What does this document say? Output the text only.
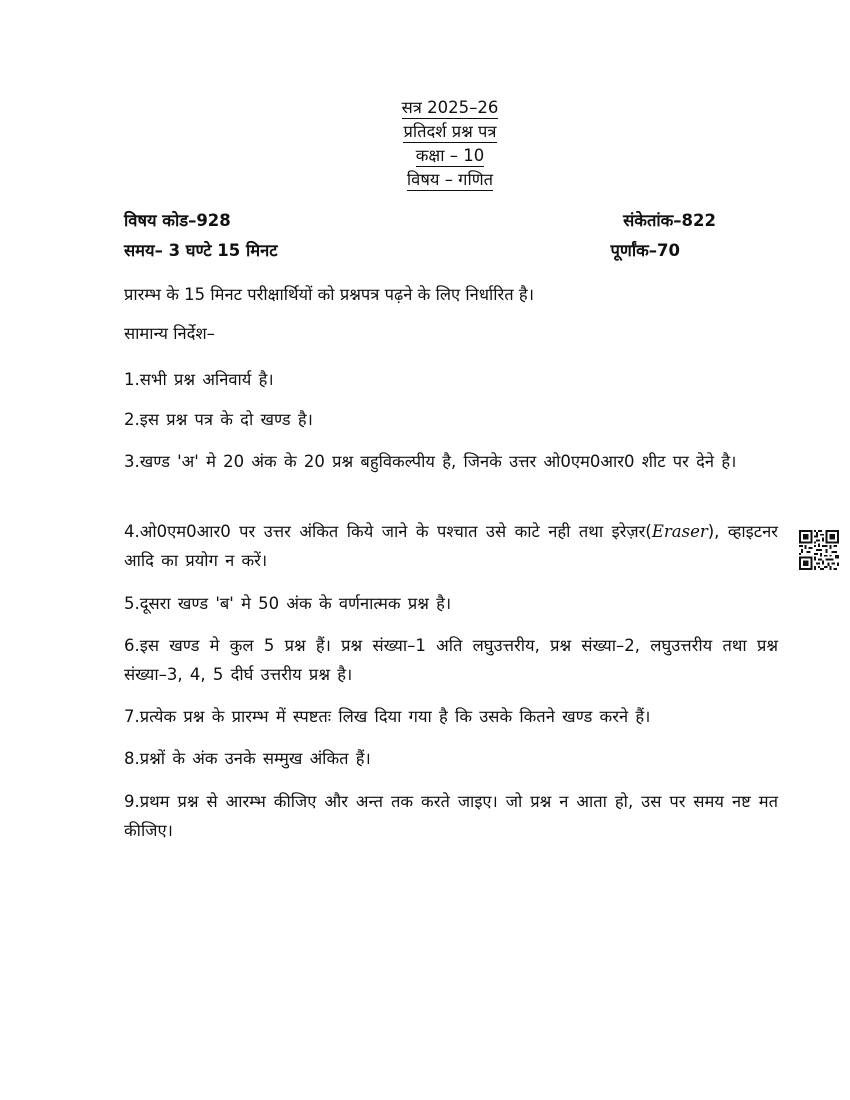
सत्र 2025–26
प्रतिदर्श प्रश्न पत्र
कक्षा – 10
विषय – गणित
विषय कोड–928	संकेतांक–822
समय– 3 घण्टे 15 मिनट	पूर्णांक–70
प्रारम्भ के 15 मिनट परीक्षार्थियों को प्रश्नपत्र पढ़ने के लिए निर्धारित है।
सामान्य निर्देश–
1.सभी प्रश्न अनिवार्य है।
2.इस प्रश्न पत्र के दो खण्ड है।
3.खण्ड 'अ' मे 20 अंक के 20 प्रश्न बहुविकल्पीय है, जिनके उत्तर ओ0एम0आर0 शीट पर देने है।
4.ओ0एम0आर0 पर उत्तर अंकित किये जाने के पश्चात उसे काटे नही तथा इरेज़र(Eraser), व्हाइटनर आदि का प्रयोग न करें।
5.दूसरा खण्ड 'ब' मे 50 अंक के वर्णनात्मक प्रश्न है।
6.इस खण्ड मे कुल 5 प्रश्न हैं। प्रश्न संख्या–1 अति लघुउत्तरीय, प्रश्न संख्या–2, लघुउत्तरीय तथा प्रश्न संख्या–3, 4, 5 दीर्घ उत्तरीय प्रश्न है।
7.प्रत्येक प्रश्न के प्रारम्भ में स्पष्टतः लिख दिया गया है कि उसके कितने खण्ड करने हैं।
8.प्रश्नों के अंक उनके सम्मुख अंकित हैं।
9.प्रथम प्रश्न से आरम्भ कीजिए और अन्त तक करते जाइए। जो प्रश्न न आता हो, उस पर समय नष्ट मत कीजिए।
